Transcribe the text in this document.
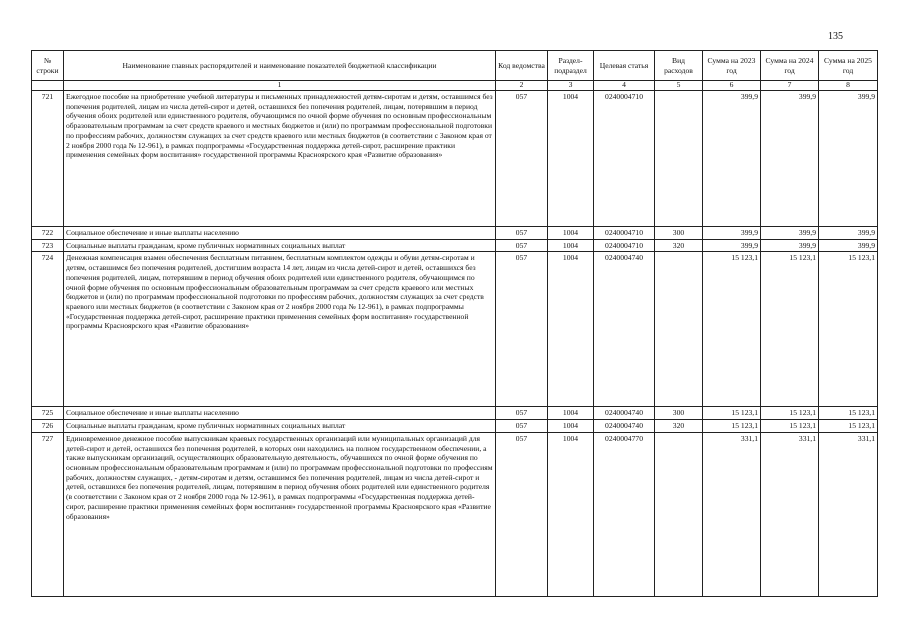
135
№ строки	Наименование главных распорядителей и наименование показателей бюджетной классификации	Код ведомства	Раздел-подраздел	Целевая статья	Вид расходов	Сумма на 2023 год	Сумма на 2024 год	Сумма на 2025 год
	1	2	3	4	5	6	7	8
721	Ежегодное пособие на приобретение учебной литературы и письменных принадлежностей детям-сиротам и детям, оставшимся без попечения родителей, лицам из числа детей-сирот и детей, оставшихся без попечения родителей, лицам, потерявшим в период обучения обоих родителей или единственного родителя, обучающимся по очной форме обучения по основным профессиональным образовательным программам за счет средств краевого и местных бюджетов и (или) по программам профессиональной подготовки по профессиям рабочих, должностям служащих за счет средств краевого или местных бюджетов (в соответствии с Законом края от 2 ноября 2000 года № 12-961), в рамках подпрограммы «Государственная поддержка детей-сирот, расширение практики применения семейных форм воспитания» государственной программы Красноярского края «Развитие образования»	057	1004	0240004710		399,9	399,9	399,9
722	Социальное обеспечение и иные выплаты населению	057	1004	0240004710	300	399,9	399,9	399,9
723	Социальные выплаты гражданам, кроме публичных нормативных социальных выплат	057	1004	0240004710	320	399,9	399,9	399,9
724	Денежная компенсация взамен обеспечения бесплатным питанием, бесплатным комплектом одежды и обуви детям-сиротам и детям, оставшимся без попечения родителей, достигшим возраста 14 лет, лицам из числа детей-сирот и детей, оставшихся без попечения родителей, лицам, потерявшим в период обучения обоих родителей или единственного родителя, обучающимся по очной форме обучения по основным профессиональным образовательным программам за счет средств краевого или местных бюджетов и (или) по программам профессиональной подготовки по профессиям рабочих, должностям служащих за счет средств краевого или местных бюджетов (в соответствии с Законом края от 2 ноября 2000 года № 12-961), в рамках подпрограммы «Государственная поддержка детей-сирот, расширение практики применения семейных форм воспитания» государственной программы Красноярского края «Развитие образования»	057	1004	0240004740		15 123,1	15 123,1	15 123,1
725	Социальное обеспечение и иные выплаты населению	057	1004	0240004740	300	15 123,1	15 123,1	15 123,1
726	Социальные выплаты гражданам, кроме публичных нормативных социальных выплат	057	1004	0240004740	320	15 123,1	15 123,1	15 123,1
727	Единовременное денежное пособие выпускникам краевых государственных организаций или муниципальных организаций для детей-сирот и детей, оставшихся без попечения родителей, в которых они находились на полном государственном обеспечении, а также выпускникам организаций, осуществляющих образовательную деятельность, обучавшихся по очной форме обучения по основным профессиональным образовательным программам и (или) по программам профессиональной подготовки по профессиям рабочих, должностям служащих, - детям-сиротам и детям, оставшимся без попечения родителей, лицам из числа детей-сирот и детей, оставшихся без попечения родителей, лицам, потерявшим в период обучения обоих родителей или единственного родителя (в соответствии с Законом края от 2 ноября 2000 года № 12-961), в рамках подпрограммы «Государственная поддержка детей-сирот, расширение практики применения семейных форм воспитания» государственной программы Красноярского края «Развитие образования»	057	1004	0240004770		331,1	331,1	331,1
